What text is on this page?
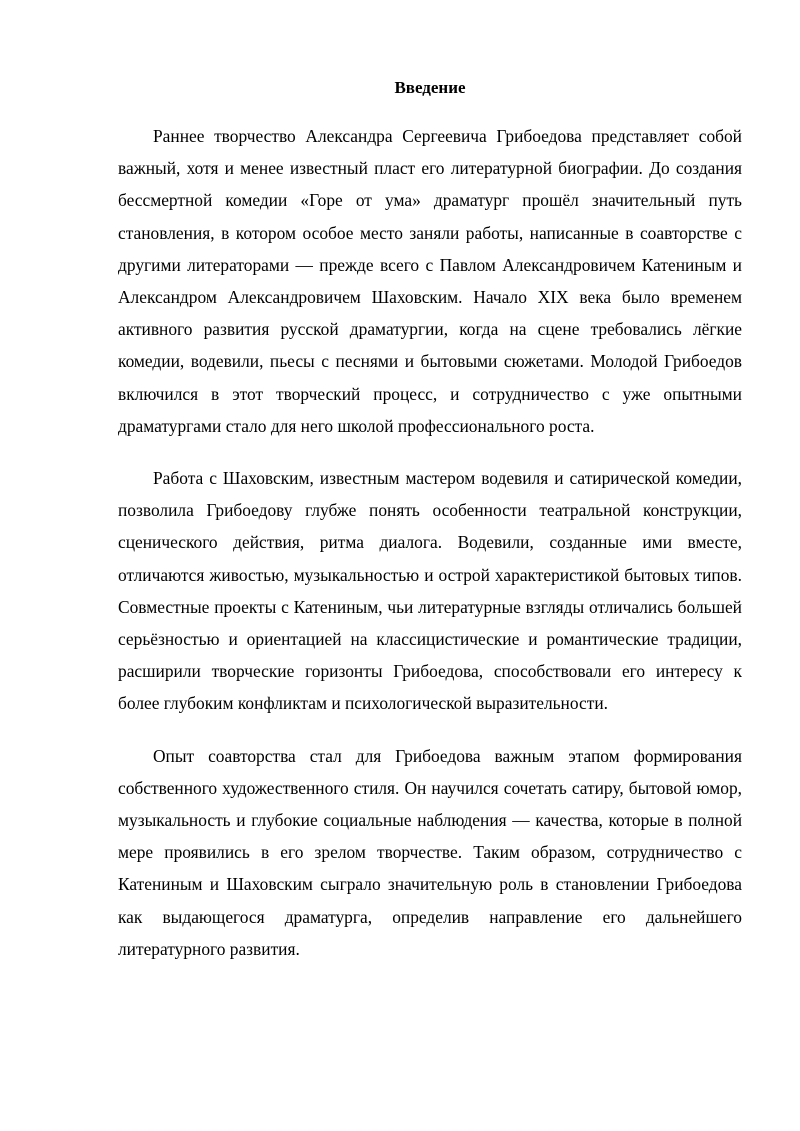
Введение

Раннее творчество Александра Сергеевича Грибоедова представляет собой важный, хотя и менее известный пласт его литературной биографии. До создания бессмертной комедии «Горе от ума» драматург прошёл значительный путь становления, в котором особое место заняли работы, написанные в соавторстве с другими литераторами — прежде всего с Павлом Александровичем Катениным и Александром Александровичем Шаховским. Начало XIX века было временем активного развития русской драматургии, когда на сцене требовались лёгкие комедии, водевили, пьесы с песнями и бытовыми сюжетами. Молодой Грибоедов включился в этот творческий процесс, и сотрудничество с уже опытными драматургами стало для него школой профессионального роста.

Работа с Шаховским, известным мастером водевиля и сатирической комедии, позволила Грибоедову глубже понять особенности театральной конструкции, сценического действия, ритма диалога. Водевили, созданные ими вместе, отличаются живостью, музыкальностью и острой характеристикой бытовых типов. Совместные проекты с Катениным, чьи литературные взгляды отличались большей серьёзностью и ориентацией на классицистические и романтические традиции, расширили творческие горизонты Грибоедова, способствовали его интересу к более глубоким конфликтам и психологической выразительности.

Опыт соавторства стал для Грибоедова важным этапом формирования собственного художественного стиля. Он научился сочетать сатиру, бытовой юмор, музыкальность и глубокие социальные наблюдения — качества, которые в полной мере проявились в его зрелом творчестве. Таким образом, сотрудничество с Катениным и Шаховским сыграло значительную роль в становлении Грибоедова как выдающегося драматурга, определив направление его дальнейшего литературного развития.
